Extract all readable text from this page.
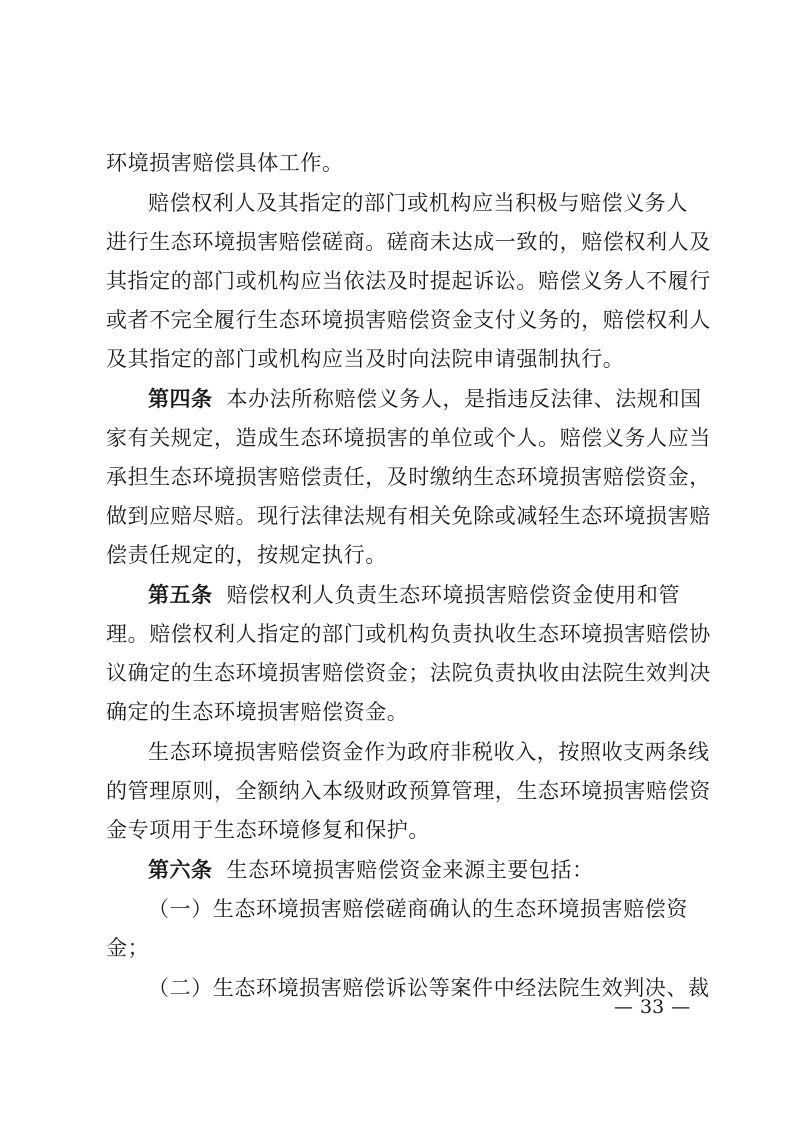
环境损害赔偿具体工作。
赔偿权利人及其指定的部门或机构应当积极与赔偿义务人
进行生态环境损害赔偿磋商。磋商未达成一致的，赔偿权利人及
其指定的部门或机构应当依法及时提起诉讼。赔偿义务人不履行
或者不完全履行生态环境损害赔偿资金支付义务的，赔偿权利人
及其指定的部门或机构应当及时向法院申请强制执行。
第四条 本办法所称赔偿义务人，是指违反法律、法规和国
家有关规定，造成生态环境损害的单位或个人。赔偿义务人应当
承担生态环境损害赔偿责任，及时缴纳生态环境损害赔偿资金，
做到应赔尽赔。现行法律法规有相关免除或减轻生态环境损害赔
偿责任规定的，按规定执行。
第五条 赔偿权利人负责生态环境损害赔偿资金使用和管
理。赔偿权利人指定的部门或机构负责执收生态环境损害赔偿协
议确定的生态环境损害赔偿资金；法院负责执收由法院生效判决
确定的生态环境损害赔偿资金。
生态环境损害赔偿资金作为政府非税收入，按照收支两条线
的管理原则，全额纳入本级财政预算管理，生态环境损害赔偿资
金专项用于生态环境修复和保护。
第六条 生态环境损害赔偿资金来源主要包括：
（一）生态环境损害赔偿磋商确认的生态环境损害赔偿资
金；
（二）生态环境损害赔偿诉讼等案件中经法院生效判决、裁
— 33 —
